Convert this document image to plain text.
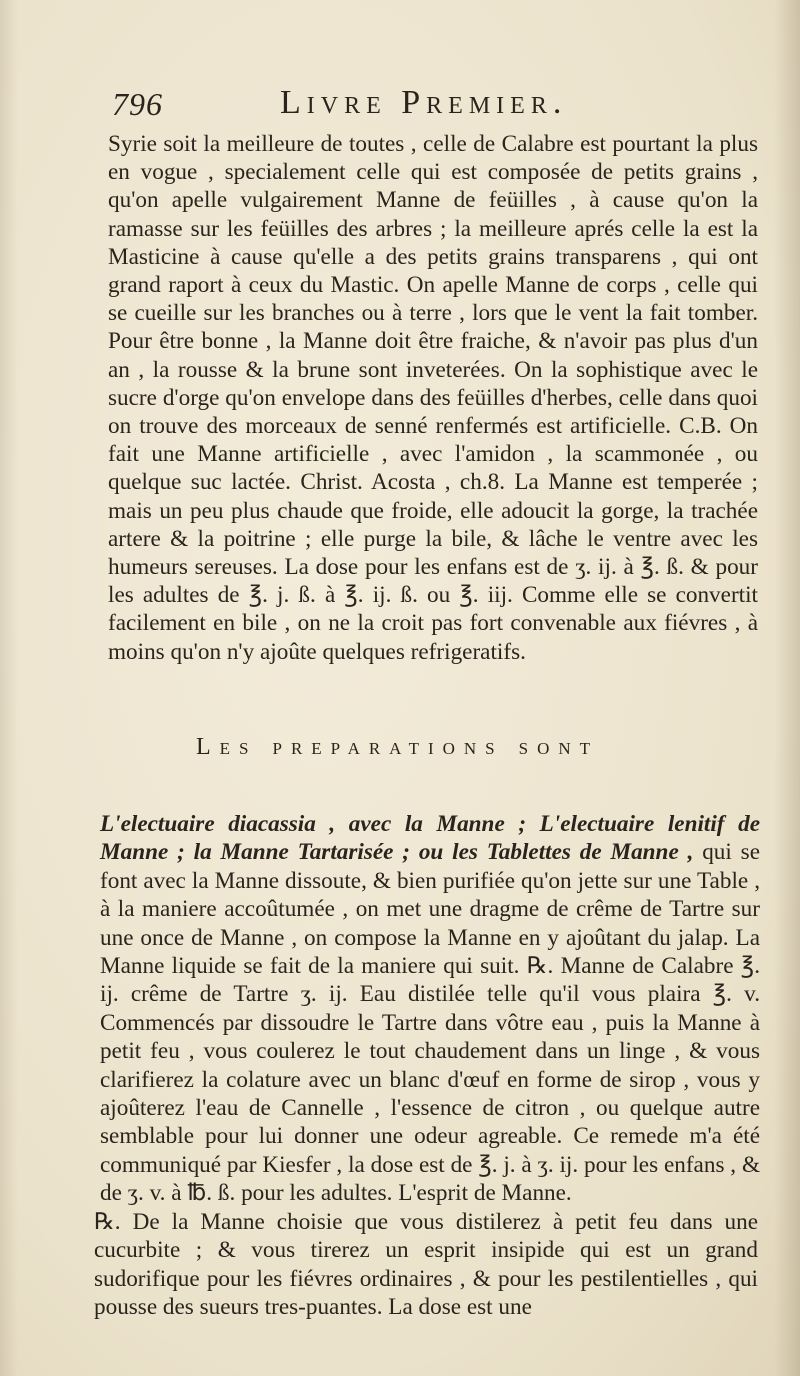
796	Livre Premier.

Syrie soit la meilleure de toutes , celle de Calabre est pourtant la plus en vogue , specialement celle qui est composée de petits grains , qu'on apelle vulgairement Manne de feüilles , à cause qu'on la ramasse sur les feüilles des arbres ; la meilleure aprés celle la est la Masticine à cause qu'elle a des petits grains transparens , qui ont grand raport à ceux du Mastic. On apelle Manne de corps , celle qui se cueille sur les branches ou à terre , lors que le vent la fait tomber. Pour être bonne , la Manne doit être fraiche, & n'avoir pas plus d'un an , la rousse & la brune sont inveterées. On la sophistique avec le sucre d'orge qu'on envelope dans des feüilles d'herbes, celle dans quoi on trouve des morceaux de senné renfermés est artificielle. C.B. On fait une Manne artificielle , avec l'amidon , la scammonée , ou quelque suc lactée. Christ. Acosta , ch.8. La Manne est temperée ; mais un peu plus chaude que froide, elle adoucit la gorge, la trachée artere & la poitrine ; elle purge la bile, & lâche le ventre avec les humeurs sereuses. La dose pour les enfans est de ʒ. ij. à ℥. ß. & pour les adultes de ℥. j. ß. à ℥. ij. ß. ou ℥. iij. Comme elle se convertit facilement en bile , on ne la croit pas fort convenable aux fiévres , à moins qu'on n'y ajoûte quelques refrigeratifs.

Les preparations sont

L'electuaire diacassia , avec la Manne ; L'electuaire lenitif de Manne ; la Manne Tartarisée ; ou les Tablettes de Manne , qui se font avec la Manne dissoute, & bien purifiée qu'on jette sur une Table , à la maniere accoûtumée , on met une dragme de crême de Tartre sur une once de Manne , on compose la Manne en y ajoûtant du jalap. La Manne liquide se fait de la maniere qui suit. ℞. Manne de Calabre ℥. ij. crême de Tartre ʒ. ij. Eau distilée telle qu'il vous plaira ℥. v. Commencés par dissoudre le Tartre dans vôtre eau , puis la Manne à petit feu , vous coulerez le tout chaudement dans un linge , & vous clarifierez la colature avec un blanc d'œuf en forme de sirop , vous y ajoûterez l'eau de Cannelle , l'essence de citron , ou quelque autre semblable pour lui donner une odeur agreable. Ce remede m'a été communiqué par Kiesfer , la dose est de ℥. j. à ʒ. ij. pour les enfans , & de ʒ. v. à ℔. ß. pour les adultes. L'esprit de Manne.

℞. De la Manne choisie que vous distilerez à petit feu dans une cucurbite ; & vous tirerez un esprit insipide qui est un grand sudorifique pour les fiévres ordinaires , & pour les pestilentielles , qui pousse des sueurs tres-puantes. La dose est une
